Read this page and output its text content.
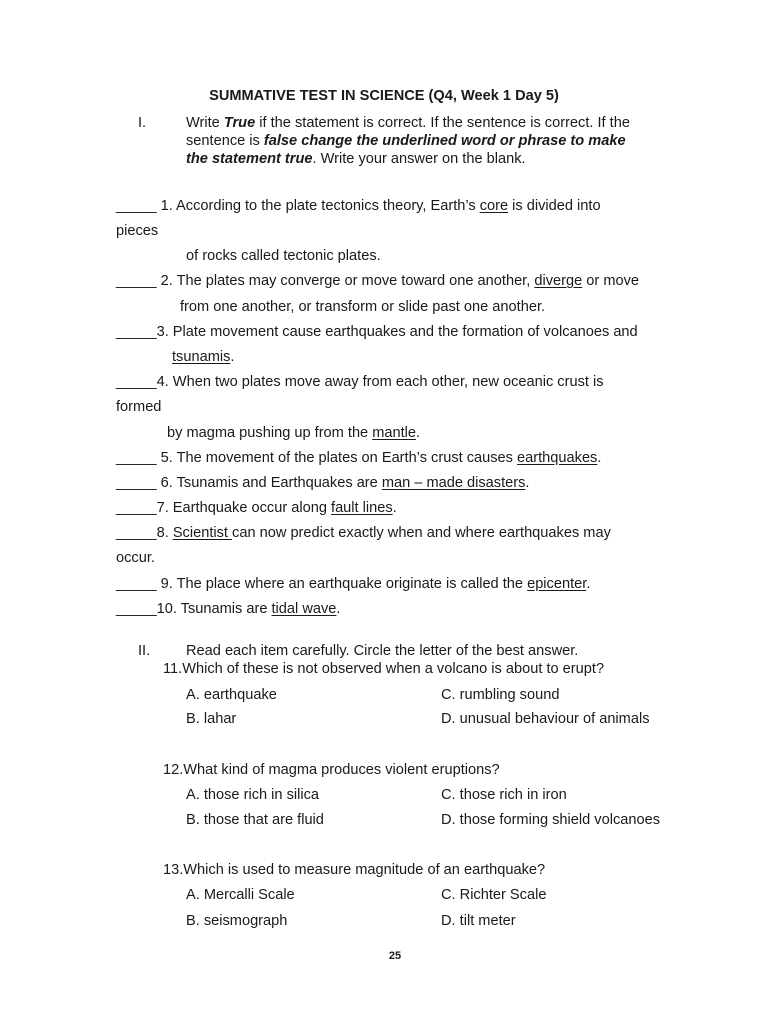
SUMMATIVE TEST IN SCIENCE (Q4, Week 1 Day 5)
I.	Write True if the statement is correct. If the sentence is correct. If the
sentence is false change the underlined word or phrase to make
the statement true. Write your answer on the blank.
_____ 1. According to the plate tectonics theory, Earth’s core is divided into
pieces
of rocks called tectonic plates.
_____ 2. The plates may converge or move toward one another, diverge or move
from one another, or transform or slide past one another.
_____3. Plate movement cause earthquakes and the formation of volcanoes and
tsunamis.
_____4. When two plates move away from each other, new oceanic crust is
formed
by magma pushing up from the mantle.
_____ 5. The movement of the plates on Earth’s crust causes earthquakes.
_____ 6. Tsunamis and Earthquakes are man – made disasters.
_____7. Earthquake occur along fault lines.
_____8. Scientist can now predict exactly when and where earthquakes may
occur.
_____ 9. The place where an earthquake originate is called the epicenter.
_____10. Tsunamis are tidal wave.
II. Read each item carefully. Circle the letter of the best answer.
11.Which of these is not observed when a volcano is about to erupt?
A. earthquake	C. rumbling sound
B. lahar	D. unusual behaviour of animals
12.What kind of magma produces violent eruptions?
A. those rich in silica	C. those rich in iron
B. those that are fluid	D. those forming shield volcanoes
13.Which is used to measure magnitude of an earthquake?
A. Mercalli Scale	C. Richter Scale
B. seismograph	D. tilt meter
25
